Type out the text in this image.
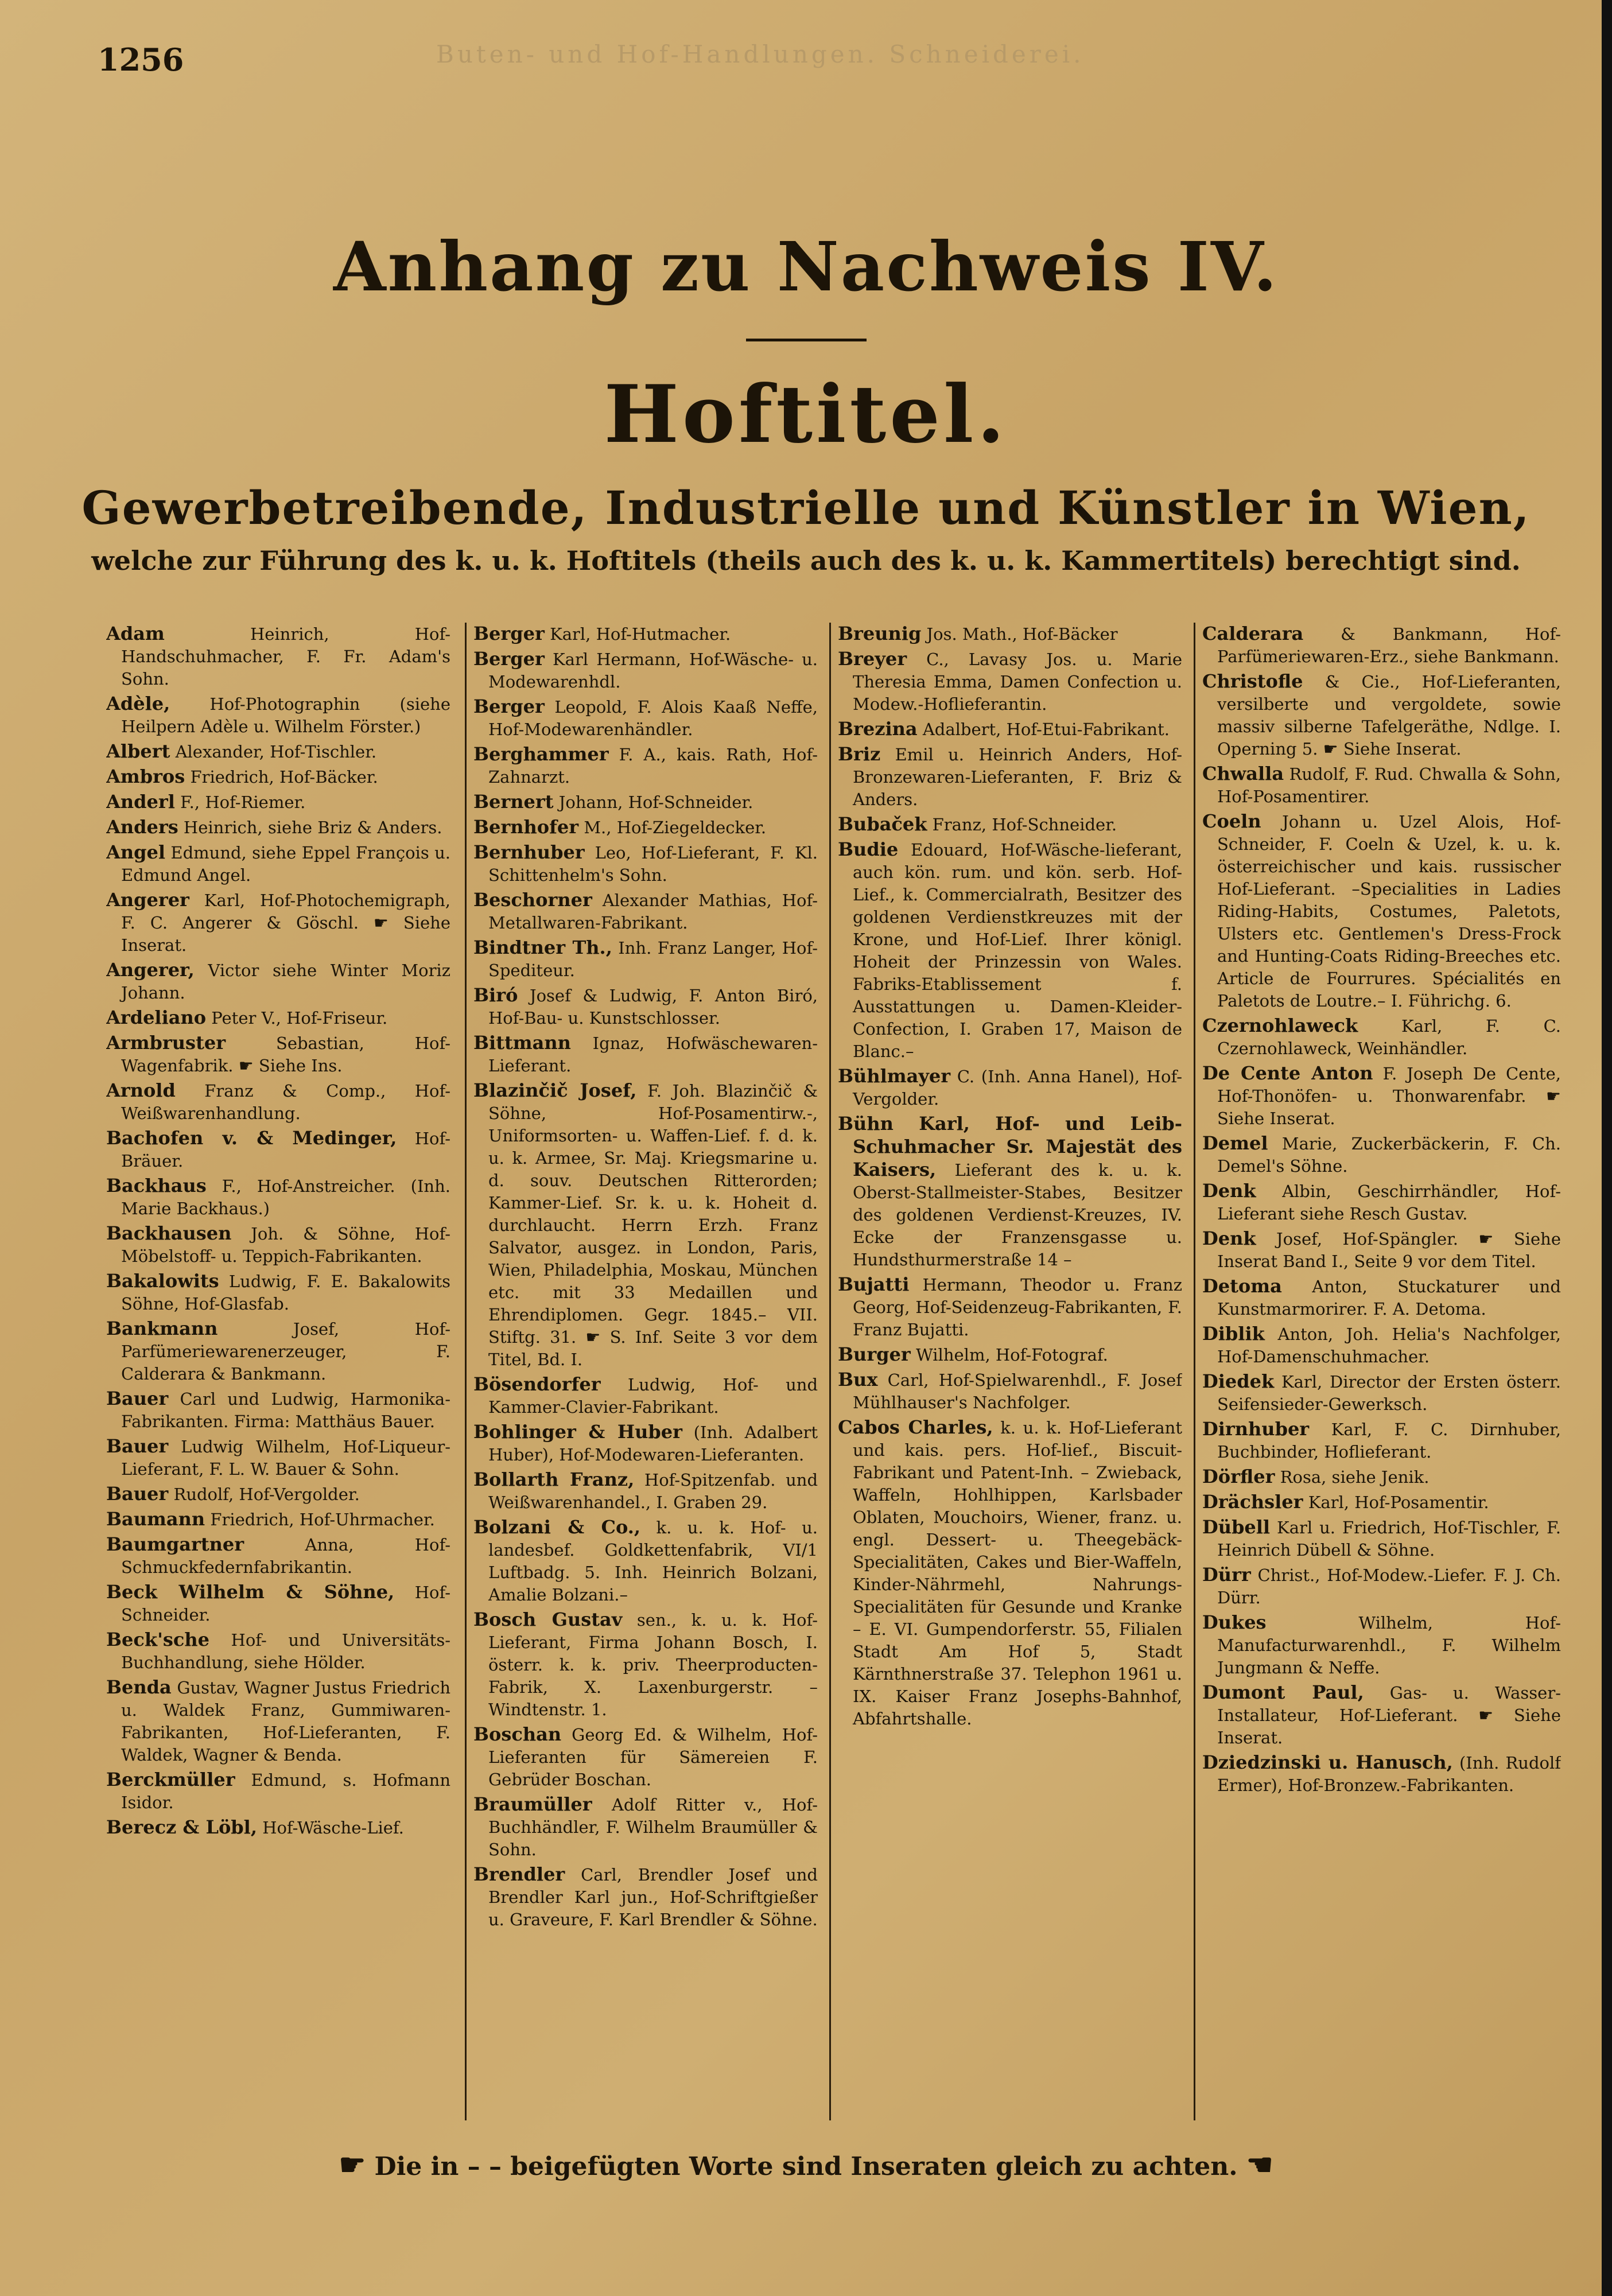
1256	Buten- und Hof-Handlungen. Schneiderei.
Anhang zu Nachweis IV.
Hoftitel.
Gewerbetreibende, Industrielle und Künstler in Wien,
welche zur Führung des k. u. k. Hoftitels (theils auch des k. u. k. Kammertitels) berechtigt sind.

Adam	Heinrich, Hof-Handschuhmacher, F. Fr. Adam's Sohn.

Adèle, Hof-Photographin (siehe Heilpern Adèle u. Wilhelm Förster.)

Albert Alexander, Hof-Tischler.

Ambros Friedrich, Hof-Bäcker.

Anderl F., Hof-Riemer.

Anders Heinrich, siehe Briz & Anders.

Angel Edmund, siehe Eppel François u. Edmund Angel.

Angerer Karl, Hof-Photochemigraph, F. C. Angerer & Göschl. ☛ Siehe Inserat.

Angerer, Victor siehe Winter Moriz Johann.

Ardeliano Peter V., Hof-Friseur.

Armbruster	Sebastian, Hof-Wagenfabrik. ☛ Siehe Ins.

Arnold Franz & Comp., Hof-Weißwarenhandlung.

Bachofen v. & Medinger, Hof-Bräuer.

Backhaus F., Hof-Anstreicher. (Inh. Marie Backhaus.)

Backhausen Joh. & Söhne, Hof-Möbelstoff- u. Teppich-Fabrikanten.

Bakalowits Ludwig, F. E. Bakalowits Söhne, Hof-Glasfab.

Bankmann	Josef, Hof-Parfümeriewarenerzeuger, F. Calderara & Bankmann.

Bauer Carl und Ludwig, Harmonika-Fabrikanten. Firma: Matthäus Bauer.

Bauer Ludwig Wilhelm, Hof-Liqueur-Lieferant, F. L. W. Bauer & Sohn.

Bauer Rudolf, Hof-Vergolder.

Baumann Friedrich, Hof-Uhrmacher.

Baumgartner	Anna, Hof-Schmuckfedernfabrikantin.

Beck Wilhelm & Söhne, Hof-Schneider.

Beck'sche Hof- und Universitäts-Buchhandlung, siehe Hölder.

Benda Gustav, Wagner Justus Friedrich u. Waldek Franz, Gummiwaren-Fabrikanten, Hof-Lieferanten, F. Waldek, Wagner & Benda.

Berckmüller Edmund, s. Hofmann Isidor.

Berecz & Löbl, Hof-Wäsche-Lief.

Berger Karl, Hof-Hutmacher.

Berger Karl Hermann, Hof-Wäsche- u. Modewarenhdl.

Berger Leopold, F. Alois Kaaß Neffe, Hof-Modewarenhändler.

Berghammer F. A., kais. Rath, Hof-Zahnarzt.

Bernert Johann, Hof-Schneider.

Bernhofer M., Hof-Ziegeldecker.

Bernhuber Leo, Hof-Lieferant, F. Kl. Schittenhelm's Sohn.

Beschorner Alexander Mathias, Hof-Metallwaren-Fabrikant.

Bindtner Th., Inh. Franz Langer, Hof-Spediteur.

Biró Josef & Ludwig, F. Anton Biró, Hof-Bau- u. Kunstschlosser.

Bittmann Ignaz, Hofwäschewaren-Lieferant.

Blazinčič Josef, F. Joh. Blazinčič & Söhne, Hof-Posamentirw.-, Uniformsorten- u. Waffen-Lief. f. d. k. u. k. Armee, Sr. Maj. Kriegsmarine u. d. souv. Deutschen Ritterorden; Kammer-Lief. Sr. k. u. k. Hoheit d. durchlaucht. Herrn Erzh. Franz Salvator, ausgez. in London, Paris, Wien, Philadelphia, Moskau, München etc. mit 33 Medaillen und Ehrendiplomen. Gegr. 1845.– VII. Stiftg. 31. ☛ S. Inf. Seite 3 vor dem Titel, Bd. I.

Bösendorfer Ludwig, Hof- und Kammer-Clavier-Fabrikant.

Bohlinger & Huber (Inh. Adalbert Huber), Hof-Modewaren-Lieferanten.

Bollarth Franz, Hof-Spitzenfab. und Weißwarenhandel., I. Graben 29.

Bolzani & Co., k. u. k. Hof- u. landesbef. Goldkettenfabrik, VI/1 Luftbadg. 5. Inh. Heinrich Bolzani, Amalie Bolzani.–

Bosch Gustav sen., k. u. k. Hof-Lieferant, Firma Johann Bosch, I. österr. k. k. priv. Theerproducten-Fabrik, X. Laxenburgerstr. – Windtenstr. 1.

Boschan Georg Ed. & Wilhelm, Hof-Lieferanten für Sämereien F. Gebrüder Boschan.

Braumüller Adolf Ritter v., Hof-Buchhändler, F. Wilhelm Braumüller & Sohn.

Brendler Carl, Brendler Josef und Brendler Karl jun., Hof-Schriftgießer u. Graveure, F. Karl Brendler & Söhne.

Breunig Jos. Math., Hof-Bäcker

Breyer C., Lavasy Jos. u. Marie Theresia Emma, Damen Confection u. Modew.-Hoflieferantin.

Brezina Adalbert, Hof-Etui-Fabrikant.

Briz Emil u. Heinrich Anders, Hof-Bronzewaren-Lieferanten, F. Briz & Anders.

Bubaček Franz, Hof-Schneider.

Budie Edouard, Hof-Wäsche-lieferant, auch kön. rum. und kön. serb. Hof-Lief., k. Commercialrath, Besitzer des goldenen Verdienstkreuzes mit der Krone, und Hof-Lief. Ihrer königl. Hoheit der Prinzessin von Wales. Fabriks-Etablissement f. Ausstattungen u. Damen-Kleider-Confection, I. Graben 17, Maison de Blanc.–

Bühlmayer C. (Inh. Anna Hanel), Hof-Vergolder.

Bühn Karl, Hof- und Leib-Schuhmacher Sr. Majestät des Kaisers, Lieferant des k. u. k. Oberst-Stallmeister-Stabes, Besitzer des goldenen Verdienst-Kreuzes, IV. Ecke der Franzensgasse u. Hundsthurmerstraße 14 –

Bujatti Hermann, Theodor u. Franz Georg, Hof-Seidenzeug-Fabrikanten, F. Franz Bujatti.

Burger Wilhelm, Hof-Fotograf.

Bux Carl, Hof-Spielwarenhdl., F. Josef Mühlhauser's Nachfolger.

Cabos Charles, k. u. k. Hof-Lieferant und kais. pers. Hof-lief., Biscuit-Fabrikant und Patent-Inh. – Zwieback, Waffeln, Hohlhippen, Karlsbader Oblaten, Mouchoirs, Wiener, franz. u. engl. Dessert- u. Theegebäck-Specialitäten, Cakes und Bier-Waffeln, Kinder-Nährmehl, Nahrungs-Specialitäten für Gesunde und Kranke – E. VI. Gumpendorferstr. 55, Filialen Stadt Am Hof 5, Stadt Kärnthnerstraße 37. Telephon 1961 u. IX. Kaiser Franz Josephs-Bahnhof, Abfahrtshalle.

Calderara & Bankmann, Hof-Parfümeriewaren-Erz., siehe Bankmann.

Christofle & Cie., Hof-Lieferanten, versilberte und vergoldete, sowie massiv silberne Tafelgeräthe, Ndlge. I. Operning 5. ☛ Siehe Inserat.

Chwalla Rudolf, F. Rud. Chwalla & Sohn, Hof-Posamentirer.

Coeln Johann u. Uzel Alois, Hof-Schneider, F. Coeln & Uzel, k. u. k. österreichischer und kais. russischer Hof-Lieferant. –Specialities in Ladies Riding-Habits, Costumes, Paletots, Ulsters etc. Gentlemen's Dress-Frock and Hunting-Coats Riding-Breeches etc. Article de Fourrures. Spécialités en Paletots de Loutre.– I. Führichg. 6.

Czernohlaweck	Karl, F. C. Czernohlaweck, Weinhändler.

De Cente Anton F. Joseph De Cente, Hof-Thonöfen- u. Thonwarenfabr. ☛ Siehe Inserat.

Demel Marie, Zuckerbäckerin, F. Ch. Demel's Söhne.

Denk Albin, Geschirrhändler, Hof-Lieferant siehe Resch Gustav.

Denk Josef, Hof-Spängler. ☛ Siehe Inserat Band I., Seite 9 vor dem Titel.

Detoma Anton, Stuckaturer und Kunstmarmorirer. F. A. Detoma.

Diblik Anton, Joh. Helia's Nachfolger, Hof-Damenschuhmacher.

Diedek Karl, Director der Ersten österr. Seifensieder-Gewerksch.

Dirnhuber Karl, F. C. Dirnhuber, Buchbinder, Hoflieferant.

Dörfler Rosa, siehe Jenik.

Drächsler Karl, Hof-Posamentir.

Dübell Karl u. Friedrich, Hof-Tischler, F. Heinrich Dübell & Söhne.

Dürr Christ., Hof-Modew.-Liefer. F. J. Ch. Dürr.

Dukes	Wilhelm, Hof-Manufacturwarenhdl., F. Wilhelm Jungmann & Neffe.

Dumont Paul, Gas- u. Wasser-Installateur, Hof-Lieferant. ☛ Siehe Inserat.

Dziedzinski u. Hanusch, (Inh. Rudolf Ermer), Hof-Bronzew.-Fabrikanten.

☛ Die in – – beigefügten Worte sind Inseraten gleich zu achten. ☚
